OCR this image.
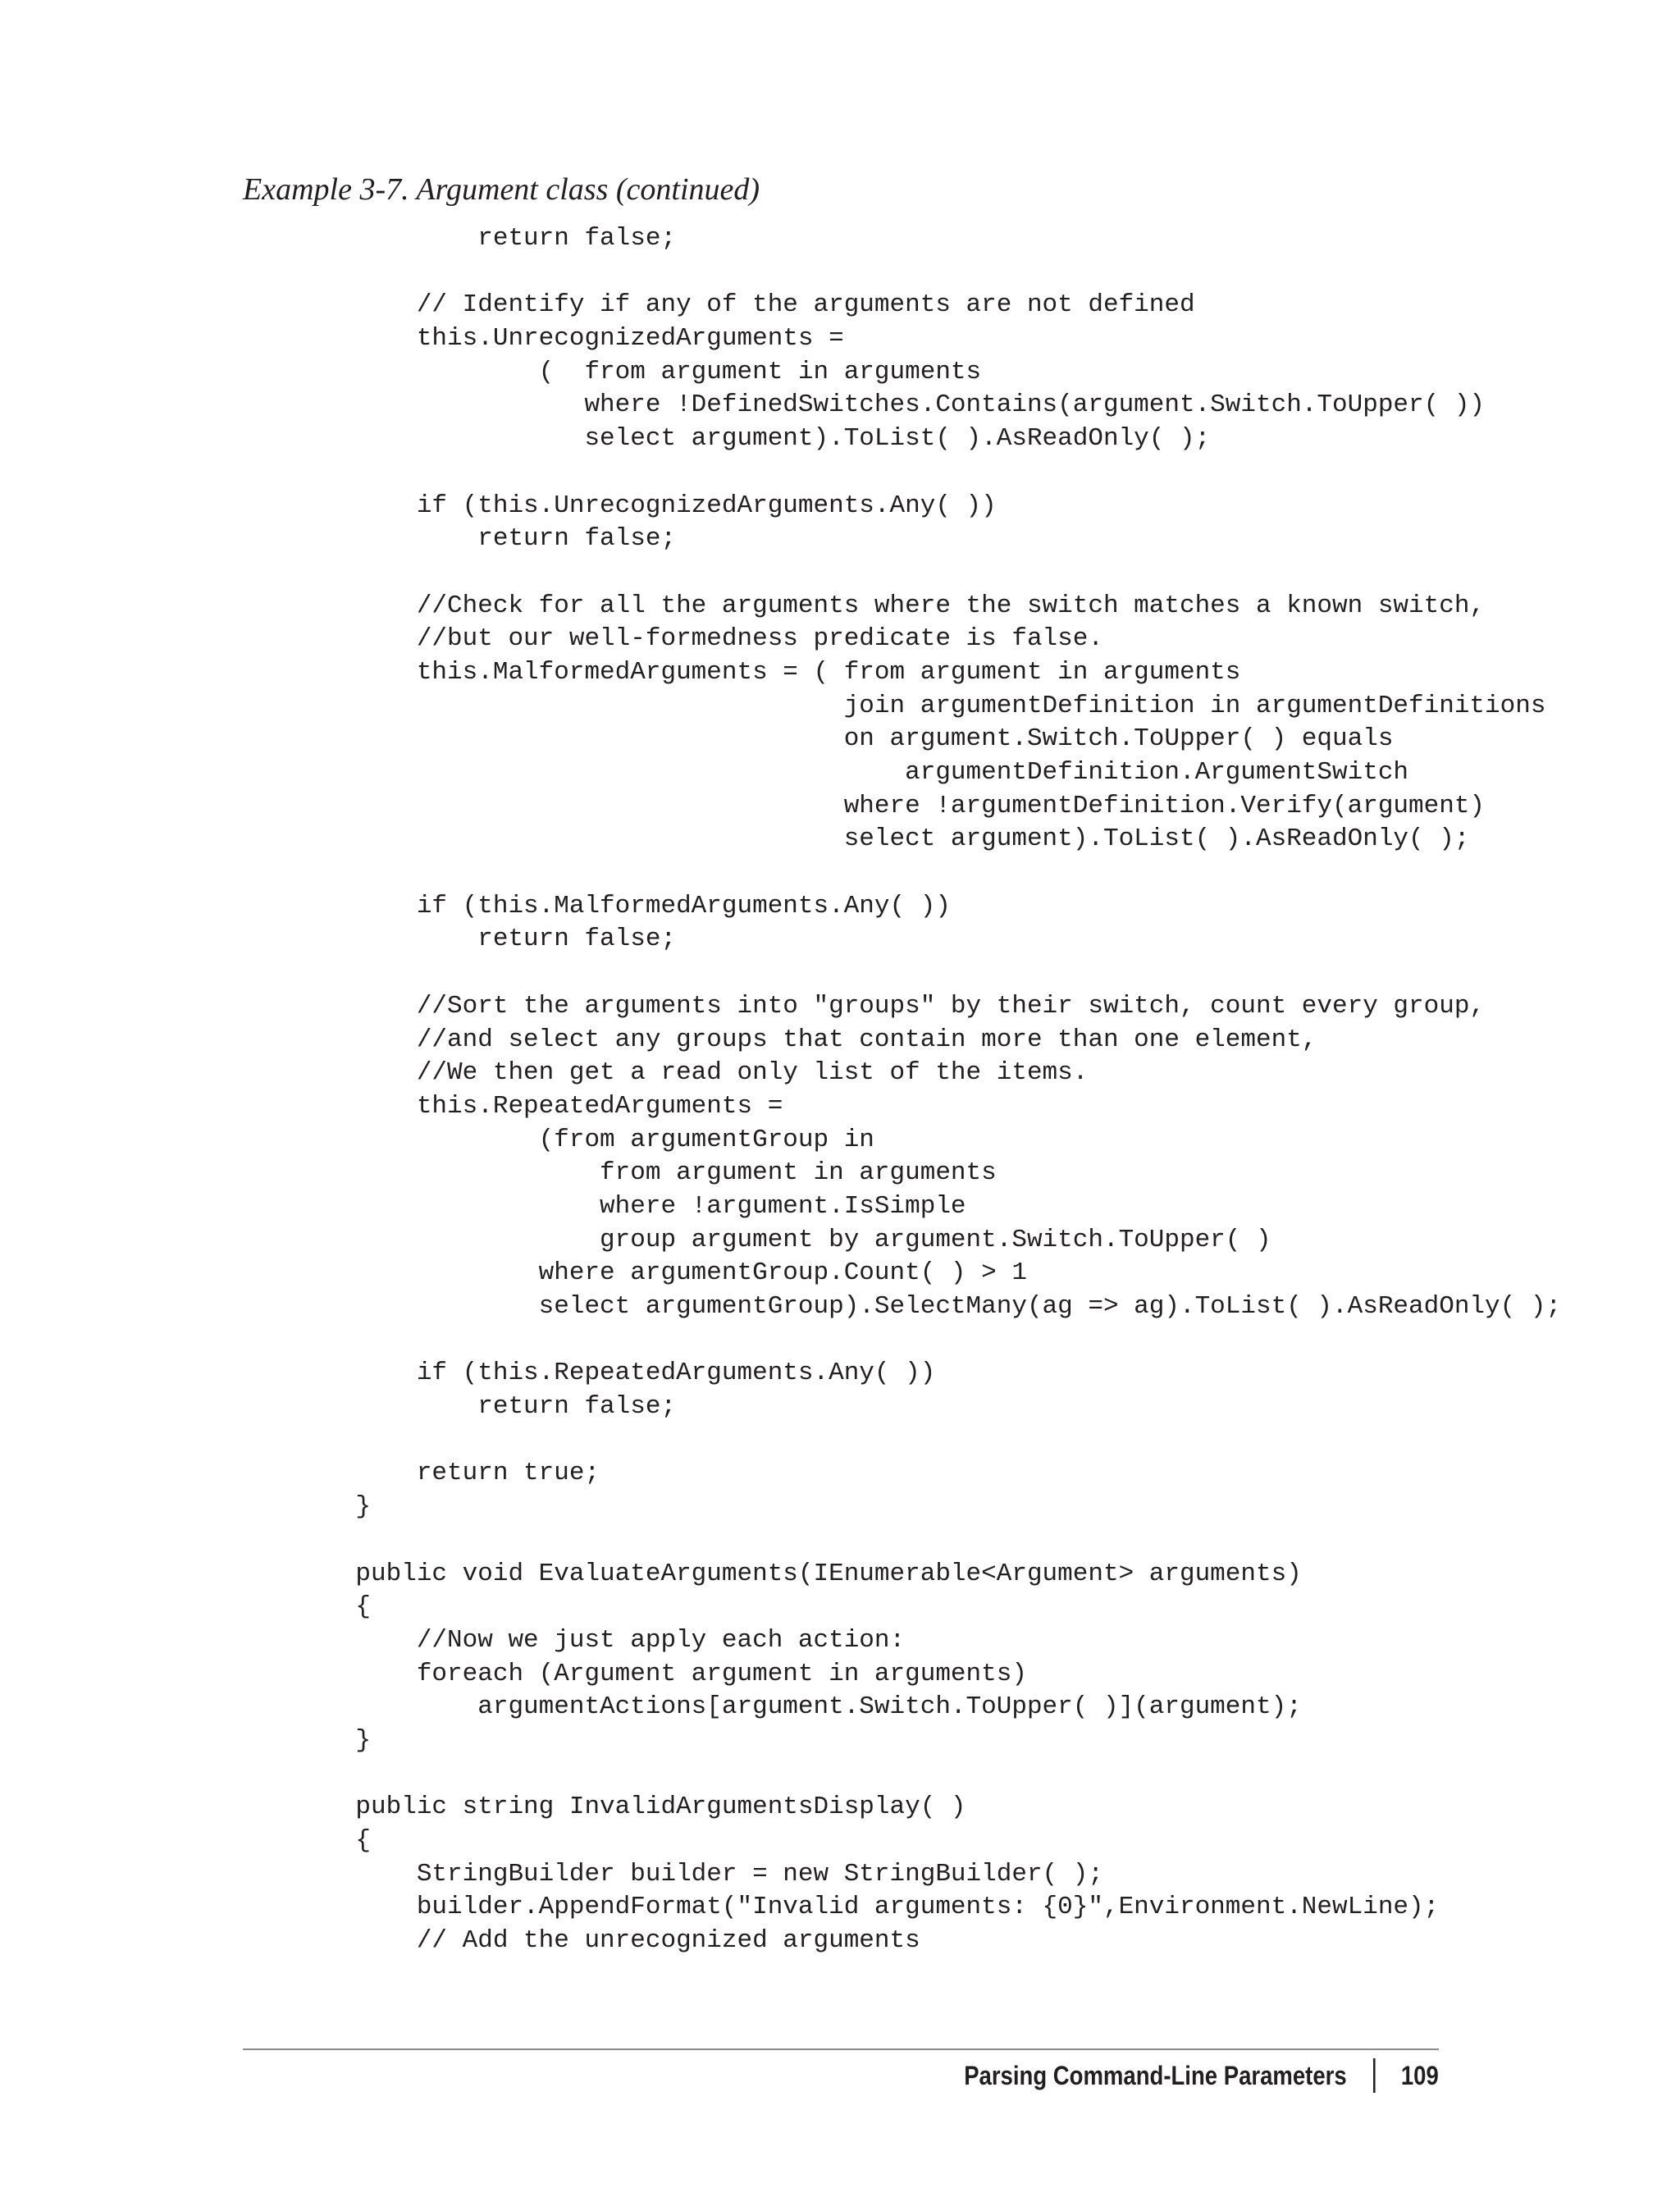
Example 3-7. Argument class (continued)
return false;
// Identify if any of the arguments are not defined
this.UnrecognizedArguments =
(  from argument in arguments
where !DefinedSwitches.Contains(argument.Switch.ToUpper( ))
select argument).ToList( ).AsReadOnly( );
if (this.UnrecognizedArguments.Any( ))
return false;
//Check for all the arguments where the switch matches a known switch,
//but our well-formedness predicate is false.
this.MalformedArguments = ( from argument in arguments
join argumentDefinition in argumentDefinitions
on argument.Switch.ToUpper( ) equals
argumentDefinition.ArgumentSwitch
where !argumentDefinition.Verify(argument)
select argument).ToList( ).AsReadOnly( );
if (this.MalformedArguments.Any( ))
return false;
//Sort the arguments into "groups" by their switch, count every group,
//and select any groups that contain more than one element,
//We then get a read only list of the items.
this.RepeatedArguments =
(from argumentGroup in
from argument in arguments
where !argument.IsSimple
group argument by argument.Switch.ToUpper( )
where argumentGroup.Count( ) > 1
select argumentGroup).SelectMany(ag => ag).ToList( ).AsReadOnly( );
if (this.RepeatedArguments.Any( ))
return false;
return true;
}
public void EvaluateArguments(IEnumerable<Argument> arguments)
{
//Now we just apply each action:
foreach (Argument argument in arguments)
argumentActions[argument.Switch.ToUpper( )](argument);
}
public string InvalidArgumentsDisplay( )
{
StringBuilder builder = new StringBuilder( );
builder.AppendFormat("Invalid arguments: {0}",Environment.NewLine);
// Add the unrecognized arguments
Parsing Command-Line Parameters 109
